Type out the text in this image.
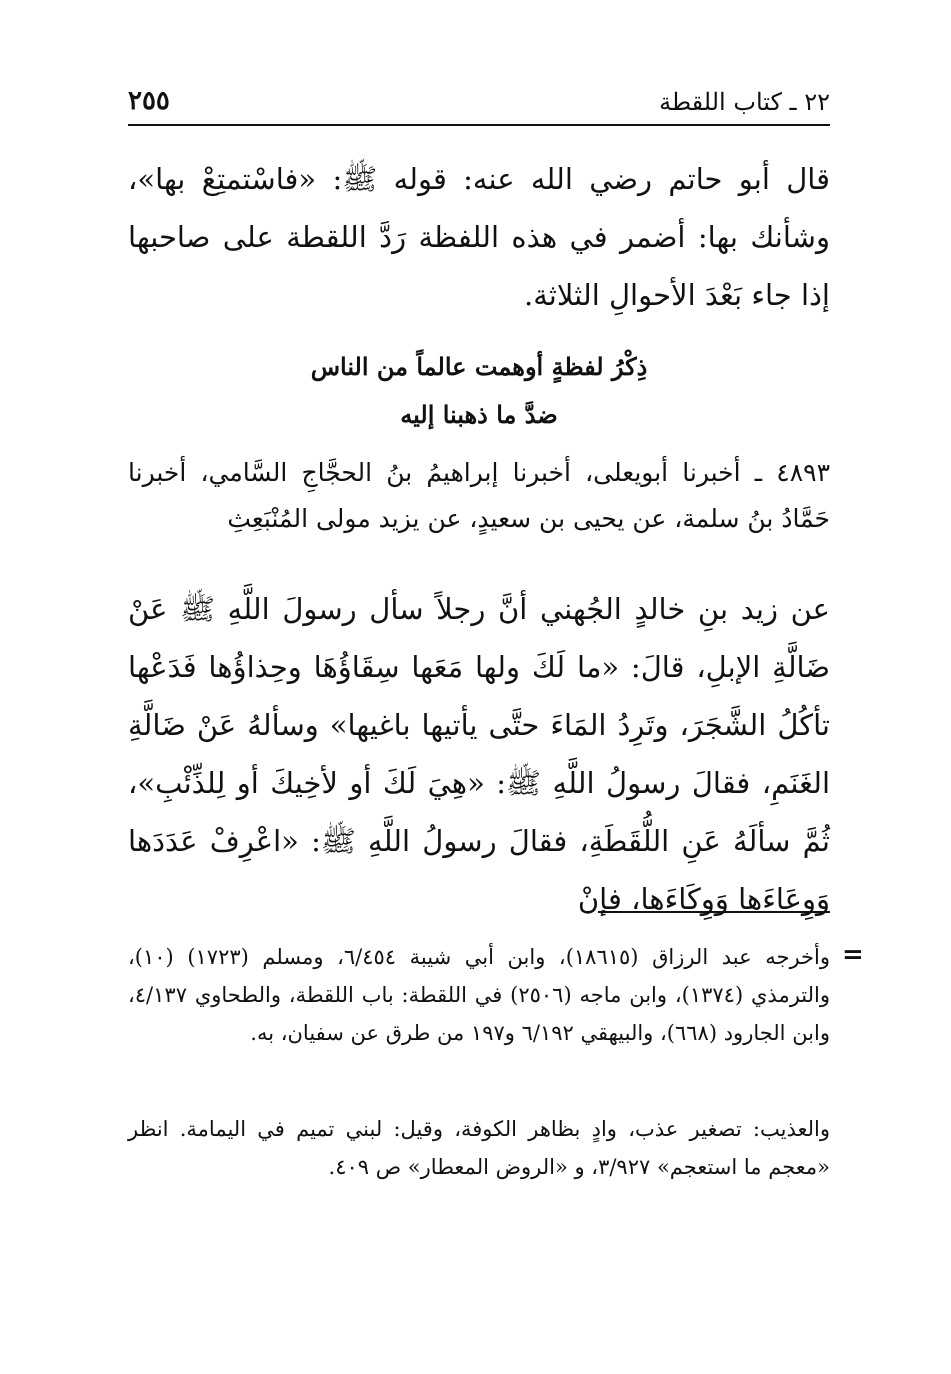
٢٢ ـ كتاب اللقطة
٢٥٥
قال أبو حاتم رضي الله عنه: قوله ﷺ: «فاسْتمتِعْ بها»، وشأنك بها: أضمر في هذه اللفظة رَدَّ اللقطة على صاحبها إذا جاء بَعْدَ الأحوالِ الثلاثة.
ذِكْرُ لفظةٍ أوهمت عالماً من الناس
ضدَّ ما ذهبنا إليه
٤٨٩٣ ـ أخبرنا أبويعلى، أخبرنا إبراهيمُ بنُ الحجَّاجِ السَّامي، أخبرنا حَمَّادُ بنُ سلمة، عن يحيى بن سعيدٍ، عن يزيد مولى المُنْبَعِثِ
عن زيد بنِ خالدٍ الجُهني أنَّ رجلاً سأل رسولَ اللَّهِ ﷺ عَنْ ضَالَّةِ الإبلِ، قالَ: «ما لَكَ ولها مَعَها سِقَاؤُهَا وحِذاؤُها فَدَعْها تأكُلُ الشَّجَرَ، وتَرِدُ المَاءَ حتَّى يأتيها باغيها» وسألهُ عَنْ ضَالَّةِ الغَنَمِ، فقالَ رسولُ اللَّهِ ﷺ: «هِيَ لَكَ أو لأخِيكَ أو لِلذِّئْبِ»، ثُمَّ سألَهُ عَنِ اللُّقَطَةِ، فقالَ رسولُ اللَّهِ ﷺ: «اعْرِفْ عَدَدَها وَوِعَاءَها وَوِكَاءَها، فإنْ
=
وأخرجه عبد الرزاق (١٨٦١٥)، وابن أبي شيبة ٦/٤٥٤، ومسلم (١٧٢٣) (١٠)، والترمذي (١٣٧٤)، وابن ماجه (٢٥٠٦) في اللقطة: باب اللقطة، والطحاوي ٤/١٣٧، وابن الجارود (٦٦٨)، والبيهقي ٦/١٩٢ و١٩٧ من طرق عن سفيان، به.
والعذيب: تصغير عذب، وادٍ بظاهر الكوفة، وقيل: لبني تميم في اليمامة. انظر «معجم ما استعجم» ٣/٩٢٧، و «الروض المعطار» ص ٤٠٩.
